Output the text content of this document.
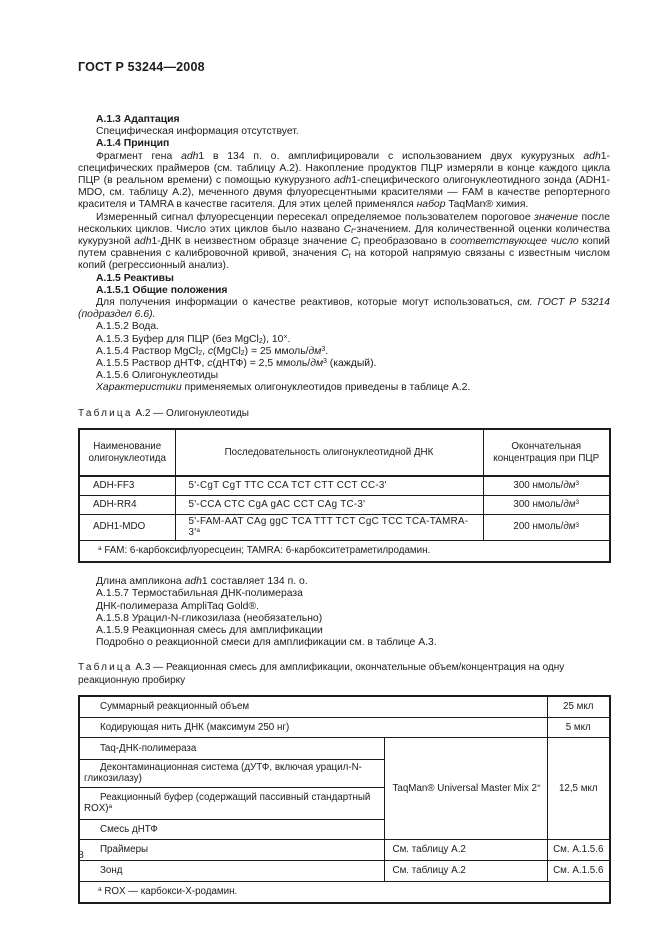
ГОСТ Р 53244—2008

А.1.3 Адаптация

Специфическая информация отсутствует.

А.1.4 Принцип

Фрагмент гена adh1 в 134 п. о. амплифицировали с использованием двух кукурузных adh1-специфических праймеров (см. таблицу А.2). Накопление продуктов ПЦР измеряли в конце каждого цикла ПЦР (в реальном времени) с помощью кукурузного adh1-специфического олигонуклеотидного зонда (ADH1-MDO, см. таблицу А.2), меченного двумя флуоресцентными красителями — FAM в качестве репортерного красителя и TAMRA в качестве гасителя. Для этих целей применялся набор TaqMan® химия.

Измеренный сигнал флуоресценции пересекал определяемое пользователем пороговое значение после нескольких циклов. Число этих циклов было названо $C_t$-значением. Для количественной оценки количества кукурузной adh1-ДНК в неизвестном образце значение $C_t$ преобразовано в соответствующее число копий путем сравнения с калибровочной кривой, значения $C_t$ на которой напрямую связаны с известным числом копий (регрессионный анализ).

А.1.5 Реактивы

А.1.5.1 Общие положения

Для получения информации о качестве реактивов, которые могут использоваться, см. ГОСТ Р 53214 (подраздел 6.6).

А.1.5.2 Вода.

А.1.5.3 Буфер для ПЦР (без MgCl$_2$), 10×.

А.1.5.4 Раствор MgCl$_2$, c(MgCl$_2$) = 25 ммоль/$дм^3$.

А.1.5.5 Раствор дНТФ, с(дНТФ) = 2,5 ммоль/$дм^3$ (каждый).

А.1.5.6 Олигонуклеотиды

Характеристики применяемых олигонуклеотидов приведены в таблице А.2.

Таблица А.2 — Олигонуклеотиды

Наименование олигонуклеотида	Последовательность олигонуклеотидной ДНК	Окончательная концентрация при ПЦР
ADH-FF3	5'-CgT CgT TTC CCA TCT CTT CCT CC-3'	300 нмоль/$дм^3$
ADH-RR4	5'-CCA CTC CgA gAC CCT CAg TC-3'	300 нмоль/$дм^3$
ADH1-MDO	5'-FAM-AAT CAg ggC TCA TTT TCT CgC TCC TCA-$TAMRA-3'^а$	200 нмоль/$дм^3$
$^а$ FAM: 6-карбоксифлуоресцеин; TAMRA: 6-карбокситетраметилродамин.		

Длина ампликона adh1 составляет 134 п. о.

А.1.5.7 Термостабильная ДНК-полимераза

ДНК-полимераза AmpliTaq Gold®.

А.1.5.8 Урацил-N-гликозилаза (необязательно)

А.1.5.9 Реакционная смесь для амплификации

Подробно о реакционной смеси для амплификации см. в таблице А.3.

Таблица А.3 — Реакционная смесь для амплификации, окончательные объем/концентрация на одну реакционную пробирку

Суммарный реакционный объем		25 мкл
Кодирующая нить ДНК (максимум 250 нг)		5 мкл
Taq-ДНК-полимераза	TaqMan® Universal Master Mix 2×	12,5 мкл
Деконтаминационная система (дУТФ, включая урацил-N-гликозилазу)		
Реакционный буфер (содержащий пассивный стандартный ROX)$^а$
Смесь дНТФ		
Праймеры	См. таблицу А.2	См. А.1.5.6
Зонд	См. таблицу А.2	См. А.1.5.6
$^а$ ROX — карбокси-Х-родамин.		
8
